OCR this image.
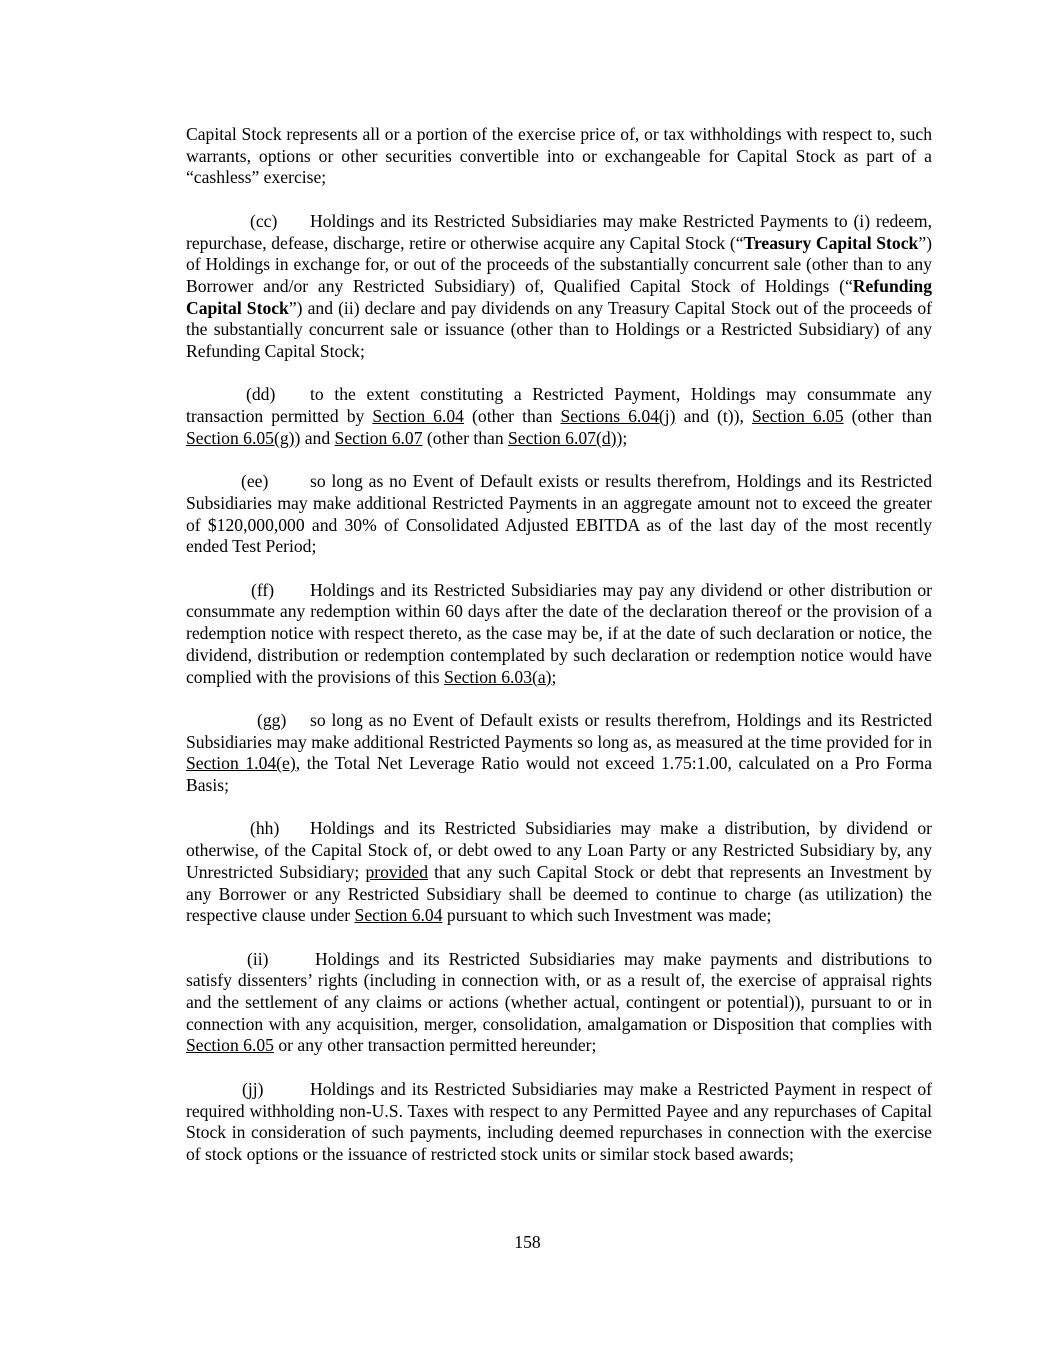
Capital Stock represents all or a portion of the exercise price of, or tax withholdings with respect to, such warrants, options or other securities convertible into or exchangeable for Capital Stock as part of a “cashless” exercise;

(cc) Holdings and its Restricted Subsidiaries may make Restricted Payments to (i) redeem, repurchase, defease, discharge, retire or otherwise acquire any Capital Stock (“Treasury Capital Stock”) of Holdings in exchange for, or out of the proceeds of the substantially concurrent sale (other than to any Borrower and/or any Restricted Subsidiary) of, Qualified Capital Stock of Holdings (“Refunding Capital Stock”) and (ii) declare and pay dividends on any Treasury Capital Stock out of the proceeds of the substantially concurrent sale or issuance (other than to Holdings or a Restricted Subsidiary) of any Refunding Capital Stock;

(dd) to the extent constituting a Restricted Payment, Holdings may consummate any transaction permitted by Section 6.04 (other than Sections 6.04(j) and (t)), Section 6.05 (other than Section 6.05(g)) and Section 6.07 (other than Section 6.07(d));

(ee) so long as no Event of Default exists or results therefrom, Holdings and its Restricted Subsidiaries may make additional Restricted Payments in an aggregate amount not to exceed the greater of $120,000,000 and 30% of Consolidated Adjusted EBITDA as of the last day of the most recently ended Test Period;

(ff) Holdings and its Restricted Subsidiaries may pay any dividend or other distribution or consummate any redemption within 60 days after the date of the declaration thereof or the provision of a redemption notice with respect thereto, as the case may be, if at the date of such declaration or notice, the dividend, distribution or redemption contemplated by such declaration or redemption notice would have complied with the provisions of this Section 6.03(a);

(gg) so long as no Event of Default exists or results therefrom, Holdings and its Restricted Subsidiaries may make additional Restricted Payments so long as, as measured at the time provided for in Section 1.04(e), the Total Net Leverage Ratio would not exceed 1.75:1.00, calculated on a Pro Forma Basis;

(hh) Holdings and its Restricted Subsidiaries may make a distribution, by dividend or otherwise, of the Capital Stock of, or debt owed to any Loan Party or any Restricted Subsidiary by, any Unrestricted Subsidiary; provided that any such Capital Stock or debt that represents an Investment by any Borrower or any Restricted Subsidiary shall be deemed to continue to charge (as utilization) the respective clause under Section 6.04 pursuant to which such Investment was made;

(ii)	Holdings and its Restricted Subsidiaries may make payments and distributions to satisfy dissenters’ rights (including in connection with, or as a result of, the exercise of appraisal rights and the settlement of any claims or actions (whether actual, contingent or potential)), pursuant to or in connection with any acquisition, merger, consolidation, amalgamation or Disposition that complies with Section 6.05 or any other transaction permitted hereunder;

(jj)	Holdings and its Restricted Subsidiaries may make a Restricted Payment in respect of required withholding non-U.S. Taxes with respect to any Permitted Payee and any repurchases of Capital Stock in consideration of such payments, including deemed repurchases in connection with the exercise of stock options or the issuance of restricted stock units or similar stock based awards;

158
